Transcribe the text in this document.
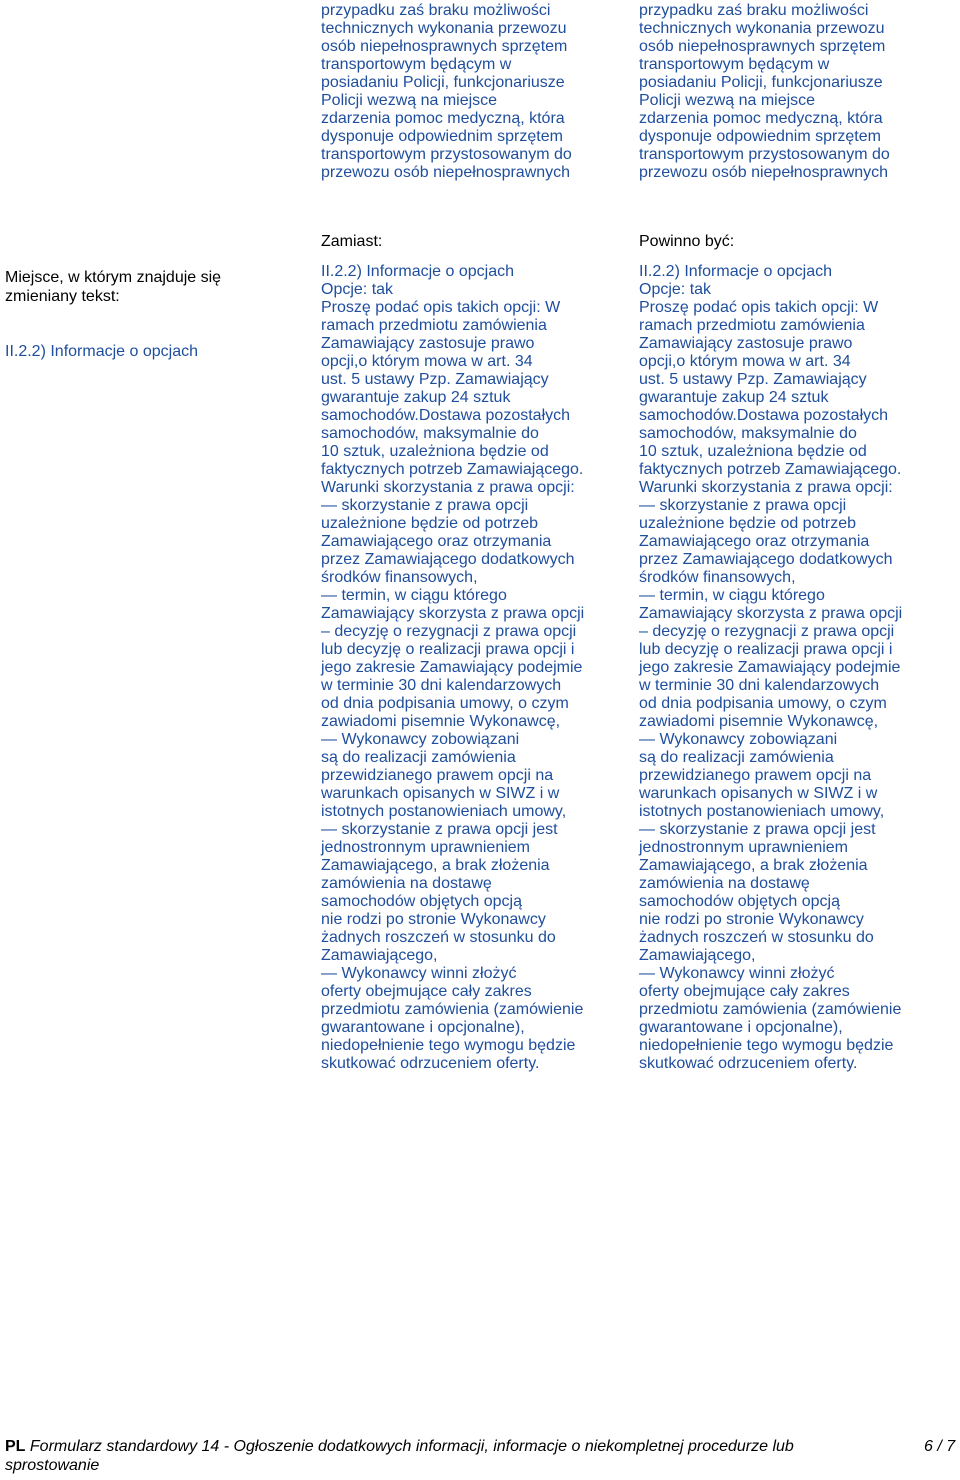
przypadku zaś braku możliwości
technicznych wykonania przewozu
osób niepełnosprawnych sprzętem
transportowym będącym w
posiadaniu Policji, funkcjonariusze
Policji wezwą na miejsce
zdarzenia pomoc medyczną, która
dysponuje odpowiednim sprzętem
transportowym przystosowanym do
przewozu osób niepełnosprawnych
przypadku zaś braku możliwości
technicznych wykonania przewozu
osób niepełnosprawnych sprzętem
transportowym będącym w
posiadaniu Policji, funkcjonariusze
Policji wezwą na miejsce
zdarzenia pomoc medyczną, która
dysponuje odpowiednim sprzętem
transportowym przystosowanym do
przewozu osób niepełnosprawnych

Miejsce, w którym znajduje się
zmieniany tekst:

II.2.2) Informacje o opcjach

Zamiast:	Powinno być:
II.2.2) Informacje o opcjach
Opcje: tak
Proszę podać opis takich opcji: W
ramach przedmiotu zamówienia
Zamawiający zastosuje prawo
opcji,o którym mowa w art. 34
ust. 5 ustawy Pzp. Zamawiający
gwarantuje zakup 24 sztuk
samochodów.Dostawa pozostałych
samochodów, maksymalnie do
10 sztuk, uzależniona będzie od
faktycznych potrzeb Zamawiającego.
Warunki skorzystania z prawa opcji:
— skorzystanie z prawa opcji
uzależnione będzie od potrzeb
Zamawiającego oraz otrzymania
przez Zamawiającego dodatkowych
środków finansowych,
— termin, w ciągu którego
Zamawiający skorzysta z prawa opcji
– decyzję o rezygnacji z prawa opcji
lub decyzję o realizacji prawa opcji i
jego zakresie Zamawiający podejmie
w terminie 30 dni kalendarzowych
od dnia podpisania umowy, o czym
zawiadomi pisemnie Wykonawcę,
— Wykonawcy zobowiązani
są do realizacji zamówienia
przewidzianego prawem opcji na
warunkach opisanych w SIWZ i w
istotnych postanowieniach umowy,
— skorzystanie z prawa opcji jest
jednostronnym uprawnieniem
Zamawiającego, a brak złożenia
zamówienia na dostawę
samochodów objętych opcją
nie rodzi po stronie Wykonawcy
żadnych roszczeń w stosunku do
Zamawiającego,
— Wykonawcy winni złożyć
oferty obejmujące cały zakres
przedmiotu zamówienia (zamówienie
gwarantowane i opcjonalne),
niedopełnienie tego wymogu będzie
skutkować odrzuceniem oferty.
II.2.2) Informacje o opcjach
Opcje: tak
Proszę podać opis takich opcji: W
ramach przedmiotu zamówienia
Zamawiający zastosuje prawo
opcji,o którym mowa w art. 34
ust. 5 ustawy Pzp. Zamawiający
gwarantuje zakup 24 sztuk
samochodów.Dostawa pozostałych
samochodów, maksymalnie do
10 sztuk, uzależniona będzie od
faktycznych potrzeb Zamawiającego.
Warunki skorzystania z prawa opcji:
— skorzystanie z prawa opcji
uzależnione będzie od potrzeb
Zamawiającego oraz otrzymania
przez Zamawiającego dodatkowych
środków finansowych,
— termin, w ciągu którego
Zamawiający skorzysta z prawa opcji
– decyzję o rezygnacji z prawa opcji
lub decyzję o realizacji prawa opcji i
jego zakresie Zamawiający podejmie
w terminie 30 dni kalendarzowych
od dnia podpisania umowy, o czym
zawiadomi pisemnie Wykonawcę,
— Wykonawcy zobowiązani
są do realizacji zamówienia
przewidzianego prawem opcji na
warunkach opisanych w SIWZ i w
istotnych postanowieniach umowy,
— skorzystanie z prawa opcji jest
jednostronnym uprawnieniem
Zamawiającego, a brak złożenia
zamówienia na dostawę
samochodów objętych opcją
nie rodzi po stronie Wykonawcy
żadnych roszczeń w stosunku do
Zamawiającego,
— Wykonawcy winni złożyć
oferty obejmujące cały zakres
przedmiotu zamówienia (zamówienie
gwarantowane i opcjonalne),
niedopełnienie tego wymogu będzie
skutkować odrzuceniem oferty.
PL Formularz standardowy 14 - Ogłoszenie dodatkowych informacji, informacje o niekompletnej procedurze lub sprostowanie
6 / 7
